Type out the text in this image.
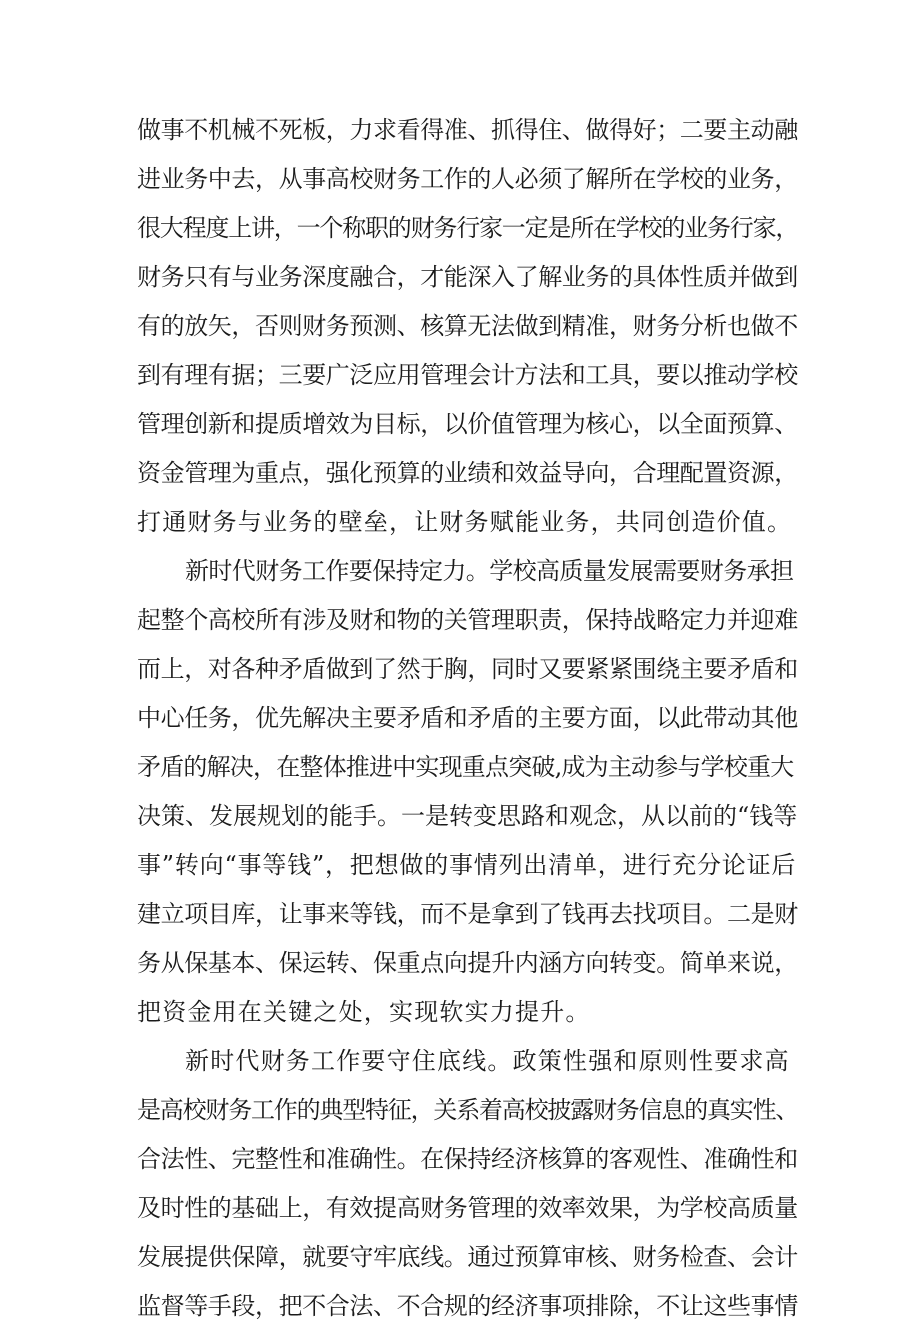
做事不机械不死板，力求看得准、抓得住、做得好；二要主动融
进业务中去，从事高校财务工作的人必须了解所在学校的业务，
很大程度上讲，一个称职的财务行家一定是所在学校的业务行家，
财务只有与业务深度融合，才能深入了解业务的具体性质并做到
有的放矢，否则财务预测、核算无法做到精准，财务分析也做不
到有理有据；三要广泛应用管理会计方法和工具，要以推动学校
管理创新和提质增效为目标，以价值管理为核心，以全面预算、
资金管理为重点，强化预算的业绩和效益导向，合理配置资源，
打通财务与业务的壁垒，让财务赋能业务，共同创造价值。
新时代财务工作要保持定力。学校高质量发展需要财务承担
起整个高校所有涉及财和物的关管理职责，保持战略定力并迎难
而上，对各种矛盾做到了然于胸，同时又要紧紧围绕主要矛盾和
中心任务，优先解决主要矛盾和矛盾的主要方面，以此带动其他
矛盾的解决，在整体推进中实现重点突破,成为主动参与学校重大
决策、发展规划的能手。一是转变思路和观念，从以前的“钱等
事”转向“事等钱”，把想做的事情列出清单，进行充分论证后
建立项目库，让事来等钱，而不是拿到了钱再去找项目。二是财
务从保基本、保运转、保重点向提升内涵方向转变。简单来说，
把资金用在关键之处，实现软实力提升。
新时代财务工作要守住底线。政策性强和原则性要求高
是高校财务工作的典型特征，关系着高校披露财务信息的真实性、
合法性、完整性和准确性。在保持经济核算的客观性、准确性和
及时性的基础上，有效提高财务管理的效率效果，为学校高质量
发展提供保障，就要守牢底线。通过预算审核、财务检查、会计
监督等手段，把不合法、不合规的经济事项排除，不让这些事情
